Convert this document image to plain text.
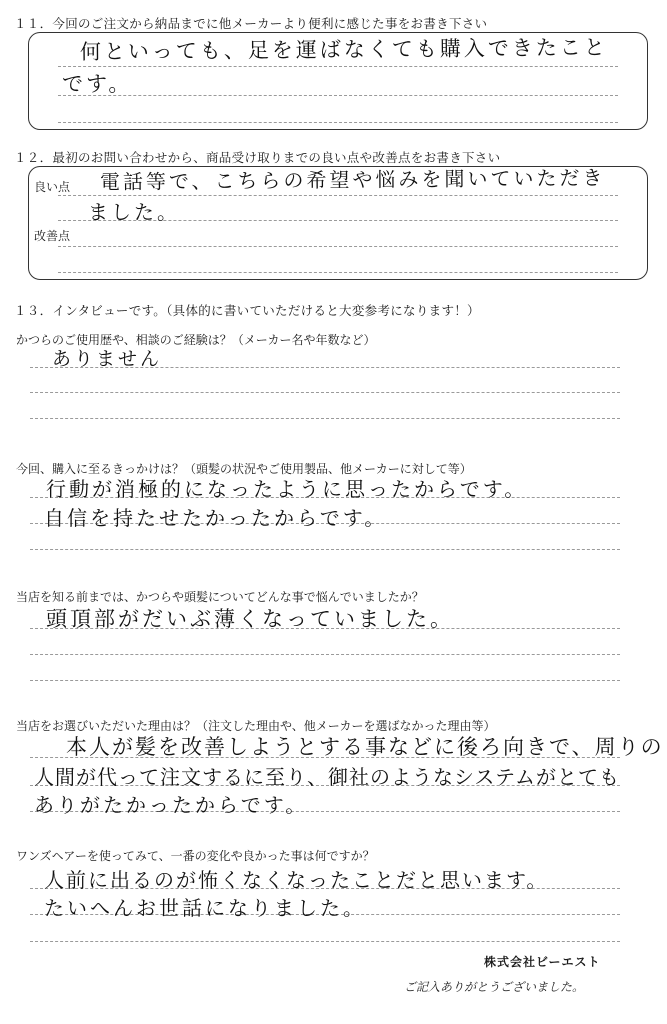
１１．今回のご注文から納品までに他メーカーより便利に感じた事をお書き下さい
何といっても、足を運ばなくても購入できたこと
です。
１２．最初のお問い合わせから、商品受け取りまでの良い点や改善点をお書き下さい
良い点
改善点
電話等で、こちらの希望や悩みを聞いていただき
ました。
１３．インタビューです。（具体的に書いていただけると大変参考になります！）
かつらのご使用歴や、相談のご経験は？（メーカー名や年数など）
ありません
今回、購入に至るきっかけは？（頭髪の状況やご使用製品、他メーカーに対して等）
行動が消極的になったように思ったからです。
自信を持たせたかったからです。
当店を知る前までは、かつらや頭髪についてどんな事で悩んでいましたか？
頭頂部がだいぶ薄くなっていました。
当店をお選びいただいた理由は？（注文した理由や、他メーカーを選ばなかった理由等）
本人が髪を改善しようとする事などに後ろ向きで、周りの
人間が代って注文するに至り、御社のようなシステムがとても
ありがたかったからです。
ワンズヘアーを使ってみて、一番の変化や良かった事は何ですか？
人前に出るのが怖くなくなったことだと思います。
たいへんお世話になりました。
株式会社ビーエスト
ご記入ありがとうございました。
